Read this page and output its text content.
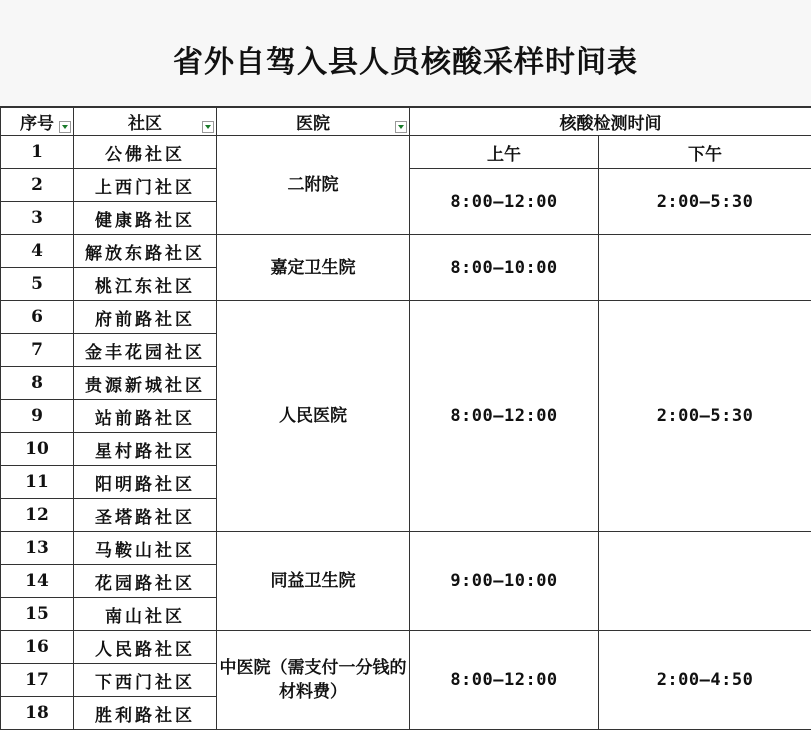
省外自驾入县人员核酸采样时间表
序号	社区	医院	核酸检测时间	
1	公佛社区	二附院	上午	下午
2	上西门社区		8:00—12:00	2:00—5:30
3	健康路社区			
4	解放东路社区	嘉定卫生院	8:00—10:00	
5	桃江东社区			
6	府前路社区	人民医院	8:00—12:00	2:00—5:30
7	金丰花园社区			
8	贵源新城社区			
9	站前路社区			
10	星村路社区			
11	阳明路社区			
12	圣塔路社区			
13	马鞍山社区	同益卫生院	9:00—10:00	
14	花园路社区			
15	南山社区			
16	人民路社区	中医院（需支付一分钱的材料费）	8:00—12:00	2:00—4:50
17	下西门社区			
18	胜利路社区			
